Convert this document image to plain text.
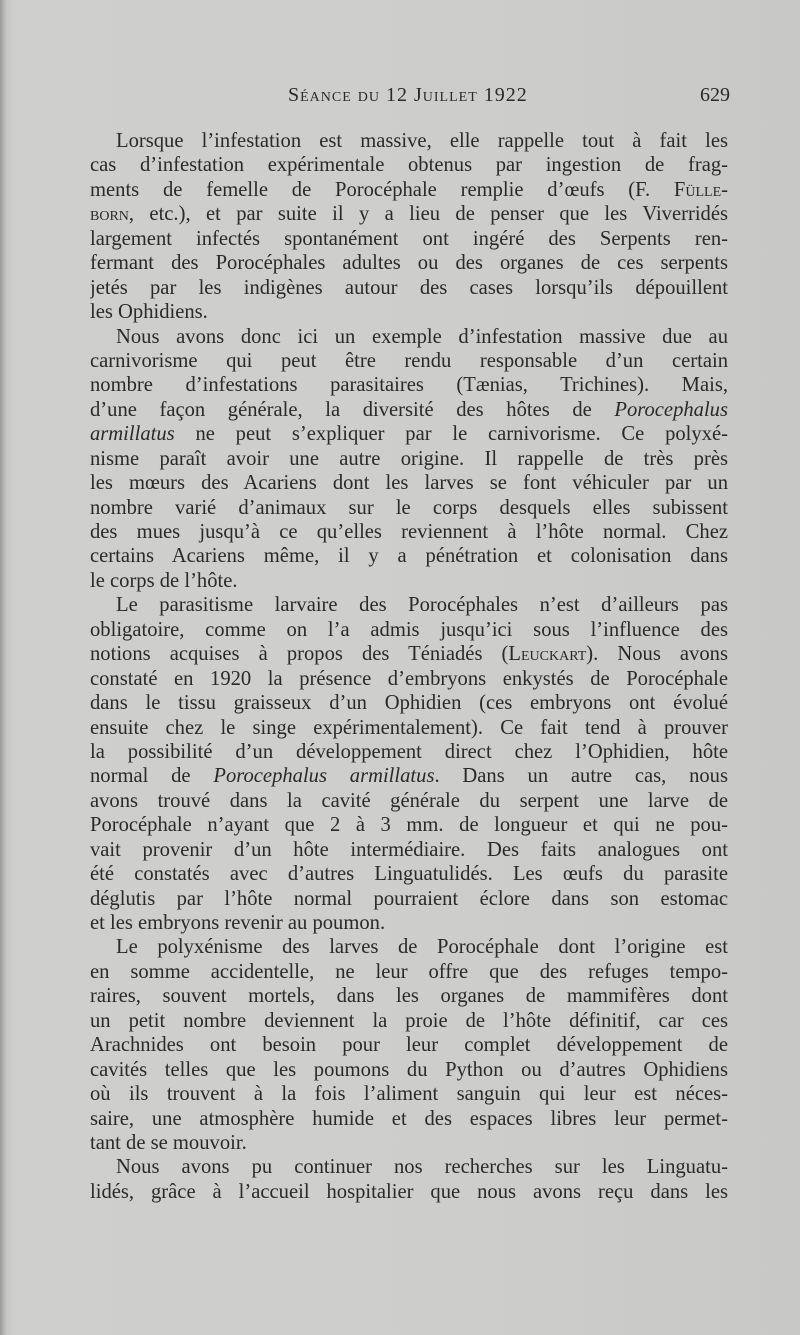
Séance du 12 Juillet 1922	629
Lorsque l’infestation est massive, elle rappelle tout à fait les
cas d’infestation expérimentale obtenus par ingestion de frag-
ments de femelle de Porocéphale remplie d’œufs (F. Fülle-
born, etc.), et par suite il y a lieu de penser que les Viverridés
largement infectés spontanément ont ingéré des Serpents ren-
fermant des Porocéphales adultes ou des organes de ces serpents
jetés par les indigènes autour des cases lorsqu’ils dépouillent
les Ophidiens.
Nous avons donc ici un exemple d’infestation massive due au
carnivorisme qui peut être rendu responsable d’un certain
nombre d’infestations parasitaires (Tænias, Trichines). Mais,
d’une façon générale, la diversité des hôtes de Porocephalus
armillatus ne peut s’expliquer par le carnivorisme. Ce polyxé-
nisme paraît avoir une autre origine. Il rappelle de très près
les mœurs des Acariens dont les larves se font véhiculer par un
nombre varié d’animaux sur le corps desquels elles subissent
des mues jusqu’à ce qu’elles reviennent à l’hôte normal. Chez
certains Acariens même, il y a pénétration et colonisation dans
le corps de l’hôte.
Le parasitisme larvaire des Porocéphales n’est d’ailleurs pas
obligatoire, comme on l’a admis jusqu’ici sous l’influence des
notions acquises à propos des Téniadés (Leuckart). Nous avons
constaté en 1920 la présence d’embryons enkystés de Porocéphale
dans le tissu graisseux d’un Ophidien (ces embryons ont évolué
ensuite chez le singe expérimentalement). Ce fait tend à prouver
la possibilité d’un développement direct chez l’Ophidien, hôte
normal de Porocephalus armillatus. Dans un autre cas, nous
avons trouvé dans la cavité générale du serpent une larve de
Porocéphale n’ayant que 2 à 3 mm. de longueur et qui ne pou-
vait provenir d’un hôte intermédiaire. Des faits analogues ont
été constatés avec d’autres Linguatulidés. Les œufs du parasite
déglutis par l’hôte normal pourraient éclore dans son estomac
et les embryons revenir au poumon.
Le polyxénisme des larves de Porocéphale dont l’origine est
en somme accidentelle, ne leur offre que des refuges tempo-
raires, souvent mortels, dans les organes de mammifères dont
un petit nombre deviennent la proie de l’hôte définitif, car ces
Arachnides ont besoin pour leur complet développement de
cavités telles que les poumons du Python ou d’autres Ophidiens
où ils trouvent à la fois l’aliment sanguin qui leur est néces-
saire, une atmosphère humide et des espaces libres leur permet-
tant de se mouvoir.
Nous avons pu continuer nos recherches sur les Linguatu-
lidés, grâce à l’accueil hospitalier que nous avons reçu dans les
